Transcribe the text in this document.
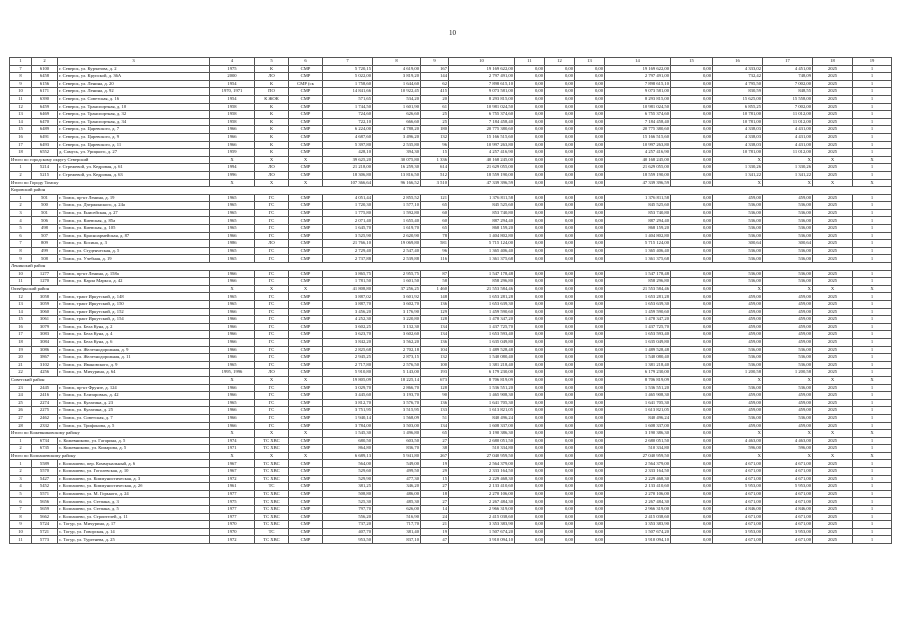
10
1	2	3	4	5	6	7	8	9	10	11	12	13	14	15	16	17	18	19
7	6100	г. Северск, ул. Курчатова, д. 2	1975	К	СМР	5 720,15	4 619,00	167	19 169 622,00	0,00	0,00	0,00	19 169 622,00	0,00	4 333,02	4 451,00	2025	1
8	6458	г. Северск, ул. Крупской, д. 36А	2000	ЛО	СМР	5 022,00	3 819,20	144	2 797 491,00	0,00	0,00	0,00	2 797 491,00	0,00	732,42	748,09	2025	1
9	6156	г. Северск, ул. Ленина, д. 20	1954	К	СМР (ск	1 758,60	1 644,60	62	7 898 615,10	0,00	0,00	0,00	7 898 615,10	0,00	4 795,50	7 002,00	2025	1
10	6171	г. Северск, ул. Ленина, д. 92	1970, 1971	ПО	СМР	14 841,66	10 922,45	415	9 073 581,00	0,00	0,00	0,00	9 073 581,00	0,00	830,59	848,55	2025	1
11	6390	г. Северск, ул. Советская, д. 16	1954	К ЖОК	СМР	571,65	534,20	20	8 293 815,00	0,00	0,00	0,00	8 293 815,00	0,00	15 625,00	15 558,00	2025	1
12	6459	г. Северск, ул. Транспортная, д. 10	1958	К	СМР	1 744,50	1 601,90	61	10 981 024,50	0,00	0,00	0,00	10 981 024,50	0,00	6 855,25	7 002,00	2025	1
13	6469	г. Северск, ул. Транспортная, д. 32	1958	К	СМР	724,60	626,60	25	6 755 374,60	0,00	0,00	0,00	6 755 374,60	0,00	10 781,00	11 012,00	2025	1
14	6470	г. Северск, ул. Транспортная, д. 34	1958	К	СМР	722,10	666,60	25	7 184 458,40	0,00	0,00	0,00	7 184 458,40	0,00	10 781,00	11 012,00	2025	1
15	6489	г. Северск, ул. Царевского, д. 7	1966	К	СМР	6 224,00	4 788,20	180	20 775 380,60	0,00	0,00	0,00	20 775 380,60	0,00	4 338,03	4 431,00	2025	1
16	6491	г. Северск, ул. Царевского, д. 9	1966	К	СМР	4 687,60	3 496,20	132	15 166 515,60	0,00	0,00	0,00	15 166 515,60	0,00	4 338,03	4 431,00	2025	1
17	6493	г. Северск, ул. Царевского, д. 11	1966	К	СМР	5 397,80	2 535,80	96	10 997 263,80	0,00	0,00	0,00	10 997 263,80	0,00	4 338,03	4 431,00	2025	1
18	6552	д. Самусь, ул. Урицкого, д. 27	1959	К	СМР	428,10	394,30	15	4 257 416,90	0,00	0,00	0,00	4 257 416,90	0,00	10 781,00	11 012,00	2025	1
Итого по городскому округу Северский			X	X	X	39 625,20	30 075,80	1 336	40 168 245,00	0,00	0,00	0,00	40 168 245,00	0,00	X	X	X	X
1	5214	г. Стрежевой, ул. Кедровая, д. 61	1994	ЛО	СМР	21 218,00	16 259,30	614	21 629 055,00	0,00	0,00	0,00	21 629 055,00	0,00	1 330,26	1 330,26	2025	1
2	5215	г. Стрежевой, ул. Кедровая, д. 63	1996	ЛО	СМР	18 306,80	13 816,50	512	18 559 190,00	0,00	0,00	0,00	18 559 190,00	0,00	1 341,22	1 341,22	2025	1
Итого по Городу Томску			X	X	X	107 366,64	96 166,52	3 510	47 339 396,59	0,00	0,00	0,00	47 339 396,59	0,00	X	X	X	X
Кировский район																		
1	501	г. Томск, пр-кт Ленина, д. 19	1965	ГС	СМР	4 051,44	2 855,52	121	1 376 811,58	0,00	0,00	0,00	1 376 811,58	0,00	459,00	459,00	2025	1
2	500	г. Томск, ул. Дзержинского, д. 24а	1965	ГС	СМР	1 720,30	1 577,10	65	845 525,60	0,00	0,00	0,00	845 525,60	0,00	536,00	536,00	2025	1
3	501	г. Томск, ул. Енисейская, д. 27	1965	ГС	СМР	1 775,80	1 592,80	60	853 740,80	0,00	0,00	0,00	853 740,80	0,00	536,00	536,00	2025	1
4	506	г. Томск, ул. Киевская, д. 85а	1965	ГС	СМР	2 071,40	1 655,40	60	887 294,40	0,00	0,00	0,00	887 294,40	0,00	536,00	536,00	2025	1
5	498	г. Томск, ул. Киевская, д. 105	1965	ГС	СМР	1 645,70	1 619,70	65	868 159,20	0,00	0,00	0,00	868 159,20	0,00	536,00	536,00	2025	1
6	507	г. Томск, ул. Красноармейская, д. 87	1966	ГС	СМР	3 525,90	2 620,90	78	1 404 802,80	0,00	0,00	0,00	1 404 802,80	0,00	536,00	536,00	2025	1
7	809	г. Томск, ул. Косина, д. 3	1986	ЛО	СМР	21 766,10	19 069,80	581	5 715 124,00	0,00	0,00	0,00	5 715 124,00	0,00	300,64	300,64	2025	1
8	499	г. Томск, ул. Студенческая, д. 5	1965	ГС	СМР	2 729,40	2 547,40	96	1 365 406,40	0,00	0,00	0,00	1 365 406,40	0,00	536,00	536,00	2025	1
9	508	г. Томск, ул. Учебная, д. 19	1965	ГС	СМР	2 737,88	2 539,88	116	1 361 375,68	0,00	0,00	0,00	1 361 375,68	0,00	536,00	536,00	2025	1
Ленинский район																		
10	1277	г. Томск, пр-кт Ленина, д. 158а	1966	ГС	СМР	3 865,75	2 955,75	87	1 547 178,48	0,00	0,00	0,00	1 547 178,48	0,00	536,00	536,00	2025	1
11	1270	г. Томск, ул. Карла Маркса, д. 42	1966	ГС	СМР	1 781,50	1 601,50	58	858 296,80	0,00	0,00	0,00	858 296,80	0,00	536,00	536,00	2025	1
Октябрьский район			X	X	X	41 808,80	37 256,25	1 460	21 553 584,46	0,00	0,00	0,00	21 553 584,46	0,00	X	X	X	X
12	3058	г. Томск, тракт Иркутский, д. 148	1965	ГС	СМР	3 887,02	3 601,92	148	1 653 281,28	0,00	0,00	0,00	1 653 281,28	0,00	459,00	459,00	2025	1
13	3059	г. Томск, тракт Иркутский, д. 150	1965	ГС	СМР	3 887,70	3 602,70	136	1 653 639,30	0,00	0,00	0,00	1 653 639,30	0,00	459,00	459,00	2025	1
14	3060	г. Томск, тракт Иркутский, д. 152	1966	ГС	СМР	3 456,20	3 176,90	129	1 459 590,60	0,00	0,00	0,00	1 459 590,60	0,00	459,00	459,00	2025	1
15	3061	г. Томск, тракт Иркутский, д. 154	1966	ГС	СМР	4 252,30	3 220,80	128	1 478 347,20	0,00	0,00	0,00	1 478 347,20	0,00	459,00	459,00	2025	1
16	3079	г. Томск, ул. Бела Куна, д. 2	1966	ГС	СМР	3 602,25	3 132,30	134	1 437 725,70	0,00	0,00	0,00	1 437 725,70	0,00	459,00	459,00	2025	1
17	3083	г. Томск, ул. Бела Куна, д. 4	1966	ГС	СМР	3 623,70	3 602,60	134	1 653 593,40	0,00	0,00	0,00	1 653 593,40	0,00	459,00	459,00	2025	1
18	3084	г. Томск, ул. Бела Куна, д. 6	1966	ГС	СМР	3 842,20	3 562,20	136	1 635 049,80	0,00	0,00	0,00	1 635 049,80	0,00	459,00	459,00	2025	1
19	3086	г. Томск, ул. Железнодорожная, д. 9	1966	ГС	СМР	2 825,68	2 702,18	104	1 489 528,48	0,00	0,00	0,00	1 489 528,48	0,00	536,00	536,00	2025	1
20	3867	г. Томск, ул. Железнодорожная, д. 11	1966	ГС	СМР	2 945,25	2 873,15	132	1 540 080,40	0,00	0,00	0,00	1 540 080,40	0,00	536,00	536,00	2025	1
21	3102	г. Томск, ул. Ивановского, д. 9	1965	ГС	СМР	2 717,80	2 576,50	100	1 381 218,40	0,00	0,00	0,00	1 381 218,40	0,00	536,00	536,00	2025	1
22	4256	г. Томск, ул. Мичурина, д. 64	1995, 1996	ЛО	СМР	5 910,80	5 143,00	193	6 179 230,00	0,00	0,00	0,00	6 179 230,00	0,00	1 200,58	1 200,58	2025	1
Советский район			X	X	X	19 805,09	18 225,14	673	8 706 819,09	0,00	0,00	0,00	8 706 819,09	0,00	X	X	X	X
23	2445	г. Томск, пр-кт Фрунзе, д. 124	1966	ГС	СМР	3 029,70	2 866,70	128	1 536 551,20	0,00	0,00	0,00	1 536 551,20	0,00	536,00	536,00	2025	1
24	2416	г. Томск, ул. Елизаровых, д. 42	1966	ГС	СМР	3 445,60	3 193,70	90	1 465 908,30	0,00	0,00	0,00	1 465 908,30	0,00	459,00	459,00	2025	1
25	2274	г. Томск, ул. Кулагина, д. 23	1965	ГС	СМР	3 812,70	3 576,70	136	1 641 705,30	0,00	0,00	0,00	1 641 705,30	0,00	459,00	459,00	2025	1
26	2275	г. Томск, ул. Кулагина, д. 25	1966	ГС	СМР	3 751,95	3 515,95	133	1 613 821,05	0,00	0,00	0,00	1 613 821,05	0,00	459,00	459,00	2025	1
27	2462	г. Томск, ул. Советская, д. 7	1966	ГС	СМР	1 940,14	1 568,09	51	840 496,24	0,00	0,00	0,00	840 496,24	0,00	536,00	536,00	2025	1
28	2332	г. Томск, ул. Трифонова, д. 5	1966	ГС	СМР	3 784,00	3 503,00	134	1 608 337,00	0,00	0,00	0,00	1 608 337,00	0,00	459,00	459,00	2025	1
Итого по Кожевниковскому району			X	X	X	1 545,30	1 496,80	65	3 190 386,30	0,00	0,00	0,00	3 190 386,30	0,00	X	X	X	X
1	6734	с. Кожевниково, ул. Гагарина, д. 5	1974	ТС ХВС	СМР	680,50	603,50	27	2 680 051,50	0,00	0,00	0,00	2 680 051,50	0,00	4 463,00	4 463,00	2025	1
2	6735	с. Кожевниково, ул. Комарова, д. 5	1971	ТС ХВС	СМР	864,80	836,70	38	510 334,80	0,00	0,00	0,00	510 334,80	0,00	596,00	596,00	2025	1
Итого по Колпашевскому району			X	X	X	6 689,13	5 941,80	267	27 040 959,50	0,00	0,00	0,00	27 040 959,50	0,00	X	X	X	X
1	5589	г. Колпашево, пер. Коммунальный, д. 6	1967	ТС ХВС	СМР	564,00	549,00	19	2 564 379,00	0,00	0,00	0,00	2 564 379,00	0,00	4 671,00	4 671,00	2025	1
2	5570	г. Колпашево, ул. Гоголевская, д. 10	1967	ТС ХВС	СМР	529,60	499,50	29	2 333 164,50	0,00	0,00	0,00	2 333 164,50	0,00	4 671,00	4 671,00	2025	1
3	5427	г. Колпашево, ул. Коммунистическая, д. 3	1972	ТС ХВС	СМР	529,90	477,30	15	2 229 468,30	0,00	0,00	0,00	2 229 468,30	0,00	4 671,00	4 671,00	2025	1
4	5452	г. Колпашево, ул. Коммунистическая, д. 2б	1961	ТС	СМР	381,25	346,20	27	2 133 410,60	0,00	0,00	0,00	2 133 410,60	0,00	5 953,00	5 953,00	2025	1
5	5571	г. Колпашево, ул. М. Горького, д. 24	1977	ТС ХВС	СМР	508,80	486,00	18	2 270 106,00	0,00	0,00	0,00	2 270 106,00	0,00	4 671,00	4 671,00	2025	1
6	5656	г. Колпашево, ул. Степана, д. 3	1975	ТС ХВС	СМР	525,30	485,30	27	2 267 484,30	0,00	0,00	0,00	2 267 484,30	0,00	4 671,00	4 671,00	2025	1
7	5659	г. Колпашево, ул. Степана, д. 5	1977	ТС ХВС	СМР	797,70	626,00	14	2 966 319,00	0,00	0,00	0,00	2 966 319,00	0,00	4 846,00	4 846,00	2025	1
8	5662	г. Колпашево, ул. Строителей, д. 11	1977	ТС ХВС	СМР	556,20	516,90	24	2 415 038,60	0,00	0,00	0,00	2 415 038,60	0,00	4 671,00	4 671,00	2025	1
9	5724	с. Тогур, ул. Мичурина, д. 17	1970	ТС ХВС	СМР	737,20	717,70	21	3 353 383,90	0,00	0,00	0,00	3 353 383,90	0,00	4 671,00	4 671,00	2025	1
10	5721	с. Тогур, ул. Говорская, д. 14	1970	ТС	СМР	407,70	381,40	19	1 507 674,20	0,00	0,00	0,00	1 507 674,20	0,00	3 953,00	3 953,00	2025	1
11	5773	с. Тогур, ул. Тургенева, д. 25	1972	ТС ХВС	СМР	953,50	837,10	47	3 910 094,10	0,00	0,00	0,00	3 910 094,10	0,00	4 671,00	4 671,00	2025	1
